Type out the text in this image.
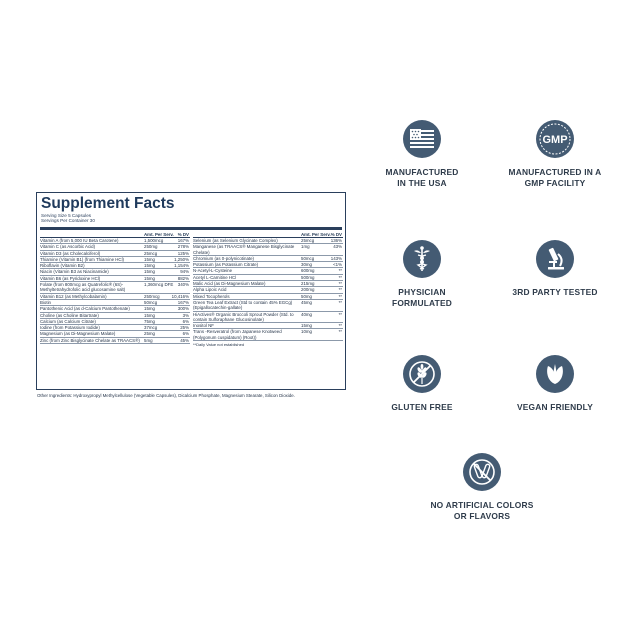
Supplement Facts
Serving Size 5 Capsules
Servings Per Container 30
Amt. Per Serv. % DV
Vitamin A (from 5,000 IU Beta Carotene)	1,500mcg	167%
Vitamin C (as Ascorbic Acid)	250mg	278%
Vitamin D3 (as Cholecalciferol)	25mcg	125%
Thiamine (Vitamin B1) (from Thiamine HCl)	15mg	1,250%
Riboflavin (Vitamin B2)	15mg	1,154%
Niacin (Vitamin B3 as Niacinamide)	15mg	94%
Vitamin B6 (as Pyridoxine HCl)	15mg	882%
Folate (from 800mcg as Quatrefolic® (6S)-Methyltetrahydrofolic acid glucosamine salt)
1,360mcg DFE 340%
Vitamin B12 (as Methylcobalamin)	250mcg	10,416%
Biotin	50mcg	167%
Pantothenic Acid (as d-Calcium Pantothenate)	15mg	300%
Choline (as Choline Bitartrate)	15mg	3%
Calcium (as Calcium Citrate)	75mg	6%
Iodine (from Potassium Iodide)	37mcg	25%
Magnesium (as Di-Magnesium Malate)	25mg	6%
Zinc (from Zinc Bisglycinate Chelate as TRAACS®) 5mg	45%
Amt. Per Serv. % DV
Selenium (as Selenium Glycinate Complex)	25mcg	136%
Manganese (as TRAACS® Manganese Bisglycinate Chelate)
1mg	43%
Chromium (as 0-polynicotinate)	50mcg	143%
Potassium (as Potassium Citrate)	30mg	<1%
N-Acetyl-L-Cysteine	600mg	**
Acetyl L-Carnitine HCl	500mg	**
Malic Acid (as Di-Magnesium Malate)	215mg	**
Alpha Lipoic Acid	200mg	**
Mixed Tocopherols	50mg	**
Green Tea Leaf Extract (Std to contain 45% EGCg)(Epigallocatechin-gallate)
45mg	**
HiActives® Organic Broccoli Sprout Powder (Std. to contain Sulforaphane Glucosinolate)
40mg	**
Inositol NF	15mg	**
Trans -Resveratrol (from Japanese Knotweed (Polygonum cuspidatum) (Root))
10mg	**
**Daily Value not established
Other Ingredients: Hydroxypropyl Methylcellulose (Vegetable Capsules), Dicalcium Phosphate, Magnesium Stearate, Silicon Dioxide.
MANUFACTURED
IN THE USA
GMP
MANUFACTURED IN A
GMP FACILITY
PHYSICIAN
FORMULATED
3RD PARTY TESTED
GLUTEN FREE	VEGAN FRIENDLY
NO ARTIFICIAL COLORS
OR FLAVORS
